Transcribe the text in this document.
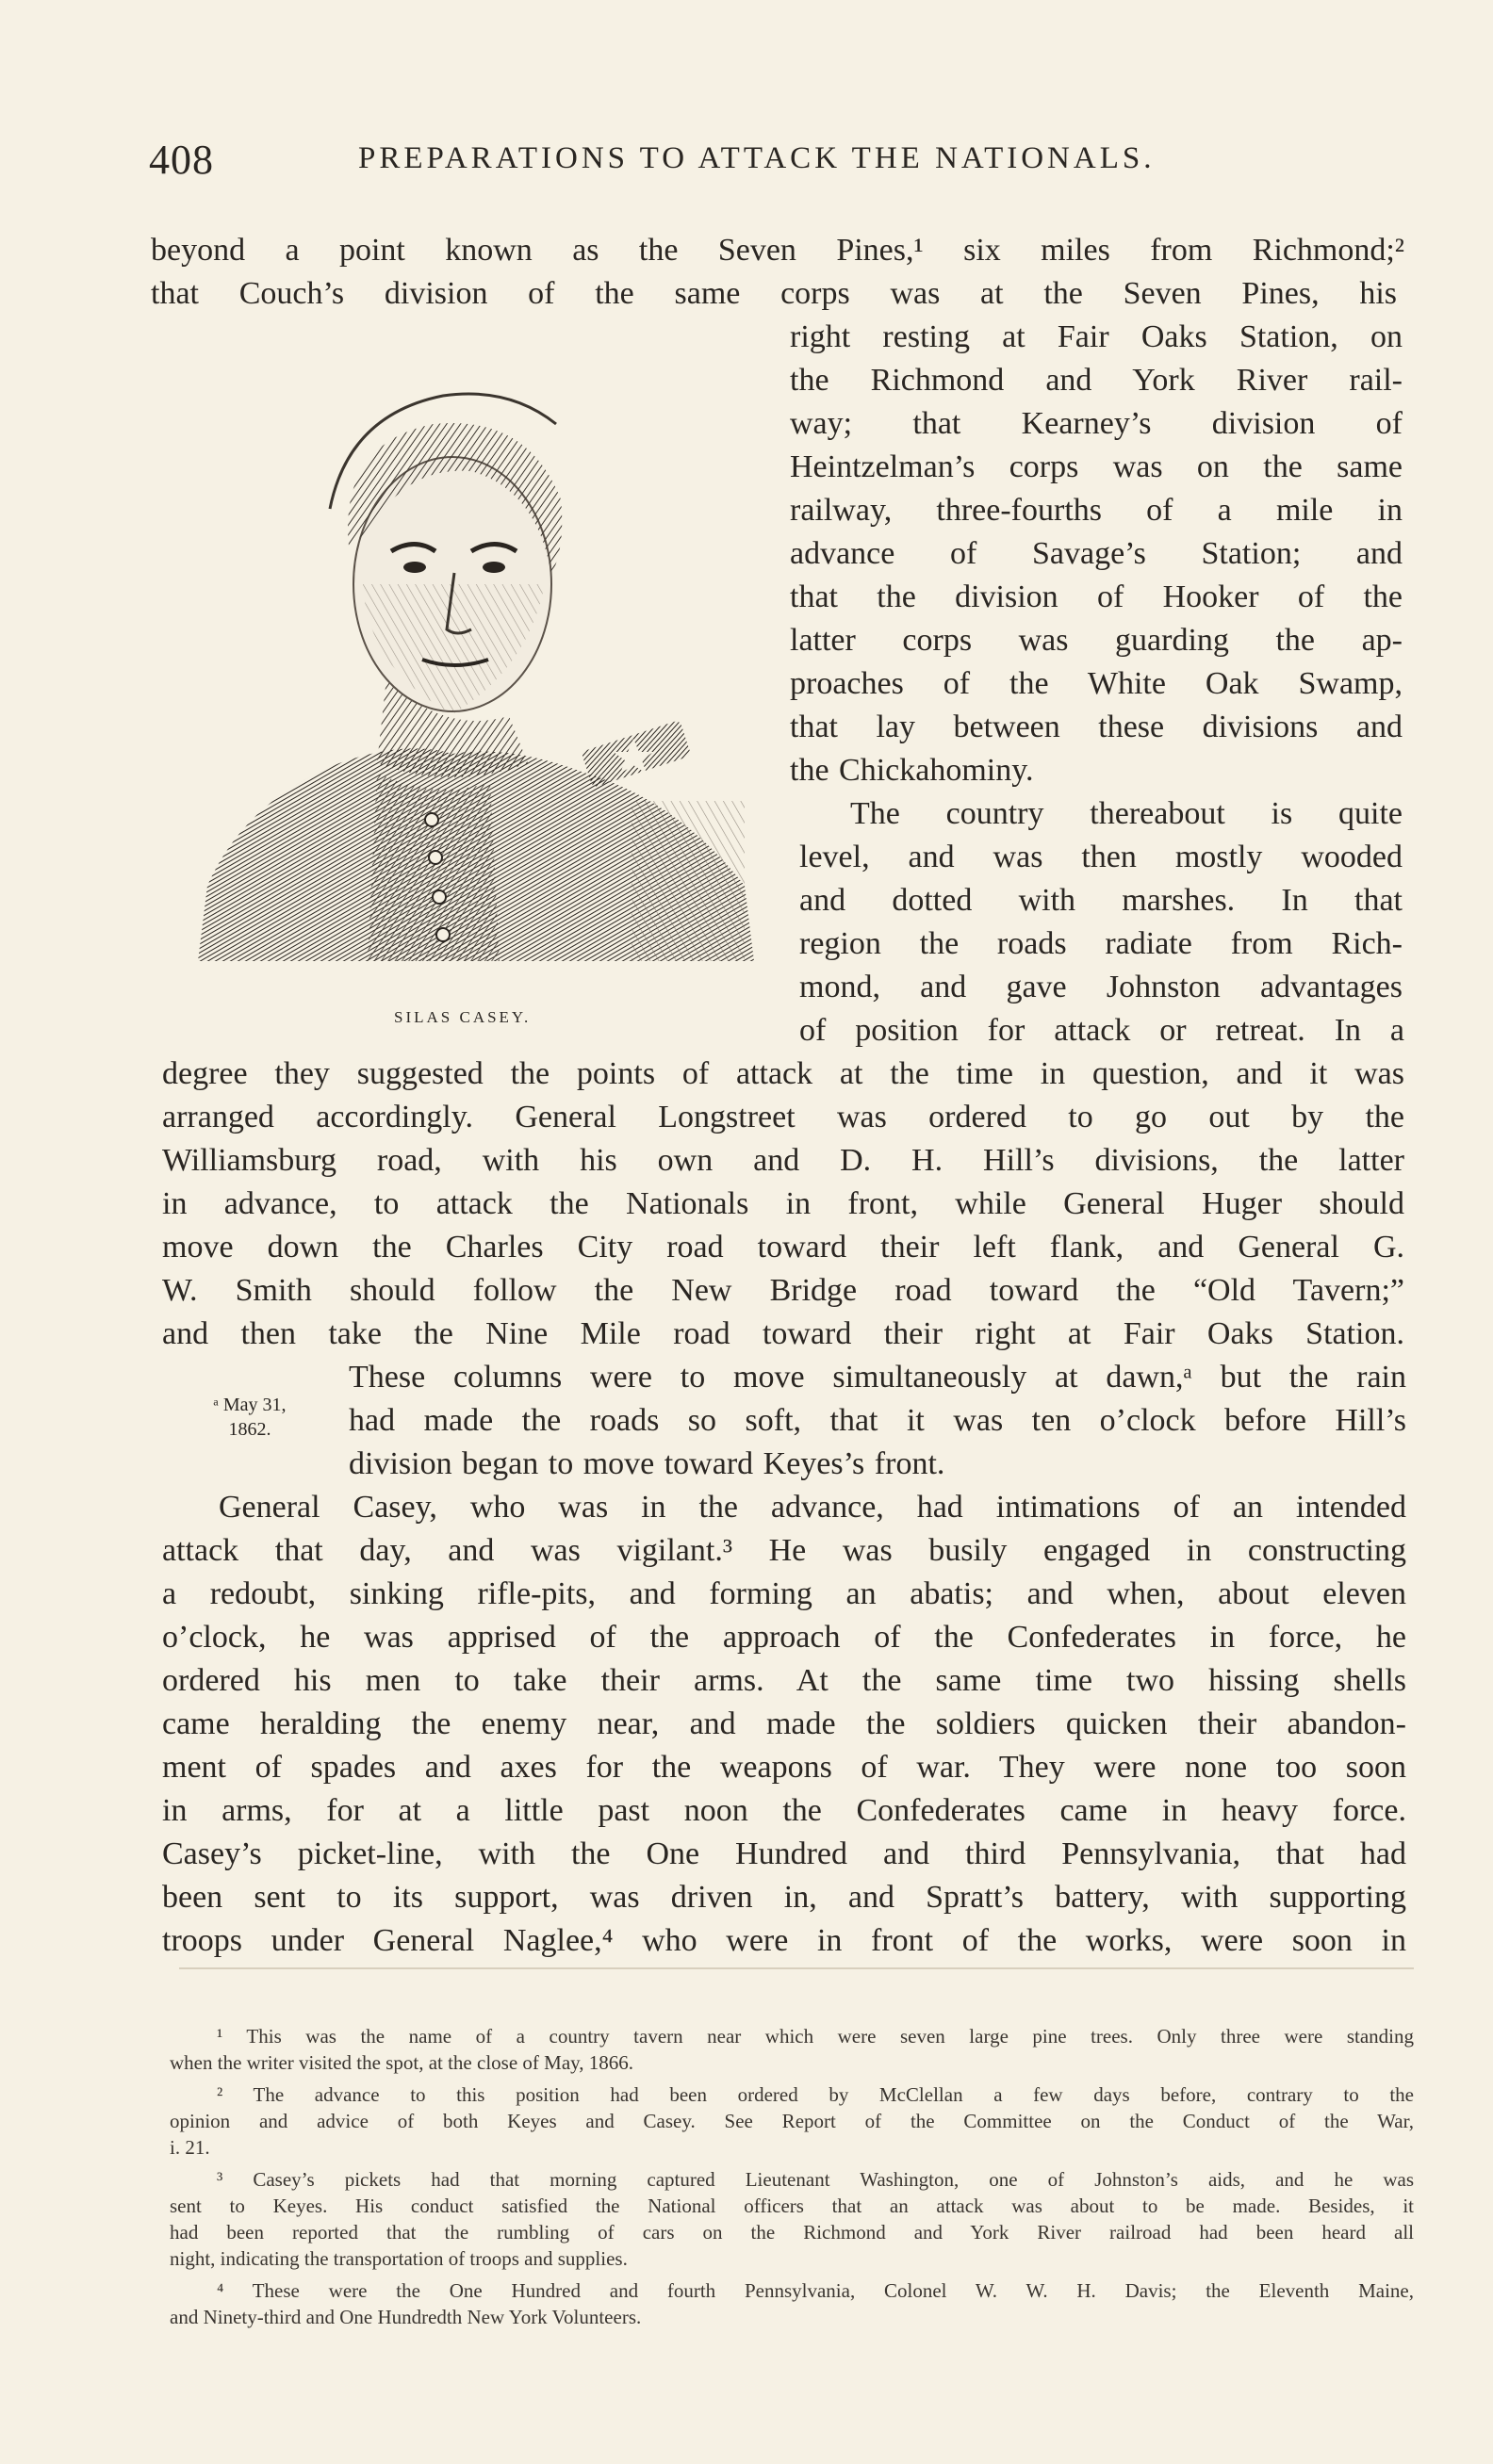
408	PREPARATIONS TO ATTACK THE NATIONALS.
beyond a point known as the Seven Pines,¹ six miles from Richmond;²
that Couch’s division of the same corps was at the Seven Pines, his
SILAS CASEY.
right resting at Fair Oaks Station, on
the Richmond and York River rail-
way; that Kearney’s division of
Heintzelman’s corps was on the same
railway, three-fourths of a mile in
advance of Savage’s Station; and
that the division of Hooker of the
latter corps was guarding the ap-
proaches of the White Oak Swamp,
that lay between these divisions and
the Chickahominy.
The country thereabout is quite
level, and was then mostly wooded
and dotted with marshes. In that
region the roads radiate from Rich-
mond, and gave Johnston advantages
of position for attack or retreat. In a
degree they suggested the points of attack at the time in question, and it was
arranged accordingly. General Longstreet was ordered to go out by the
Williamsburg road, with his own and D. H. Hill’s divisions, the latter
in advance, to attack the Nationals in front, while General Huger should
move down the Charles City road toward their left flank, and General G.
W. Smith should follow the New Bridge road toward the “Old Tavern;”
and then take the Nine Mile road toward their right at Fair Oaks Station.
ᵃ May 31,
1862.
These columns were to move simultaneously at dawn,ᵃ but the rain
had made the roads so soft, that it was ten o’clock before Hill’s
division began to move toward Keyes’s front.
General Casey, who was in the advance, had intimations of an intended
attack that day, and was vigilant.³ He was busily engaged in constructing
a redoubt, sinking rifle-pits, and forming an abatis; and when, about eleven
o’clock, he was apprised of the approach of the Confederates in force, he
ordered his men to take their arms. At the same time two hissing shells
came heralding the enemy near, and made the soldiers quicken their abandon-
ment of spades and axes for the weapons of war. They were none too soon
in arms, for at a little past noon the Confederates came in heavy force.
Casey’s picket-line, with the One Hundred and third Pennsylvania, that had
been sent to its support, was driven in, and Spratt’s battery, with supporting
troops under General Naglee,⁴ who were in front of the works, were soon in
¹ This was the name of a country tavern near which were seven large pine trees. Only three were standing
when the writer visited the spot, at the close of May, 1866.
² The advance to this position had been ordered by McClellan a few days before, contrary to the
opinion and advice of both Keyes and Casey. See Report of the Committee on the Conduct of the War,
i. 21.
³ Casey’s pickets had that morning captured Lieutenant Washington, one of Johnston’s aids, and he was
sent to Keyes. His conduct satisfied the National officers that an attack was about to be made. Besides, it
had been reported that the rumbling of cars on the Richmond and York River railroad had been heard all
night, indicating the transportation of troops and supplies.
⁴ These were the One Hundred and fourth Pennsylvania, Colonel W. W. H. Davis; the Eleventh Maine,
and Ninety-third and One Hundredth New York Volunteers.
